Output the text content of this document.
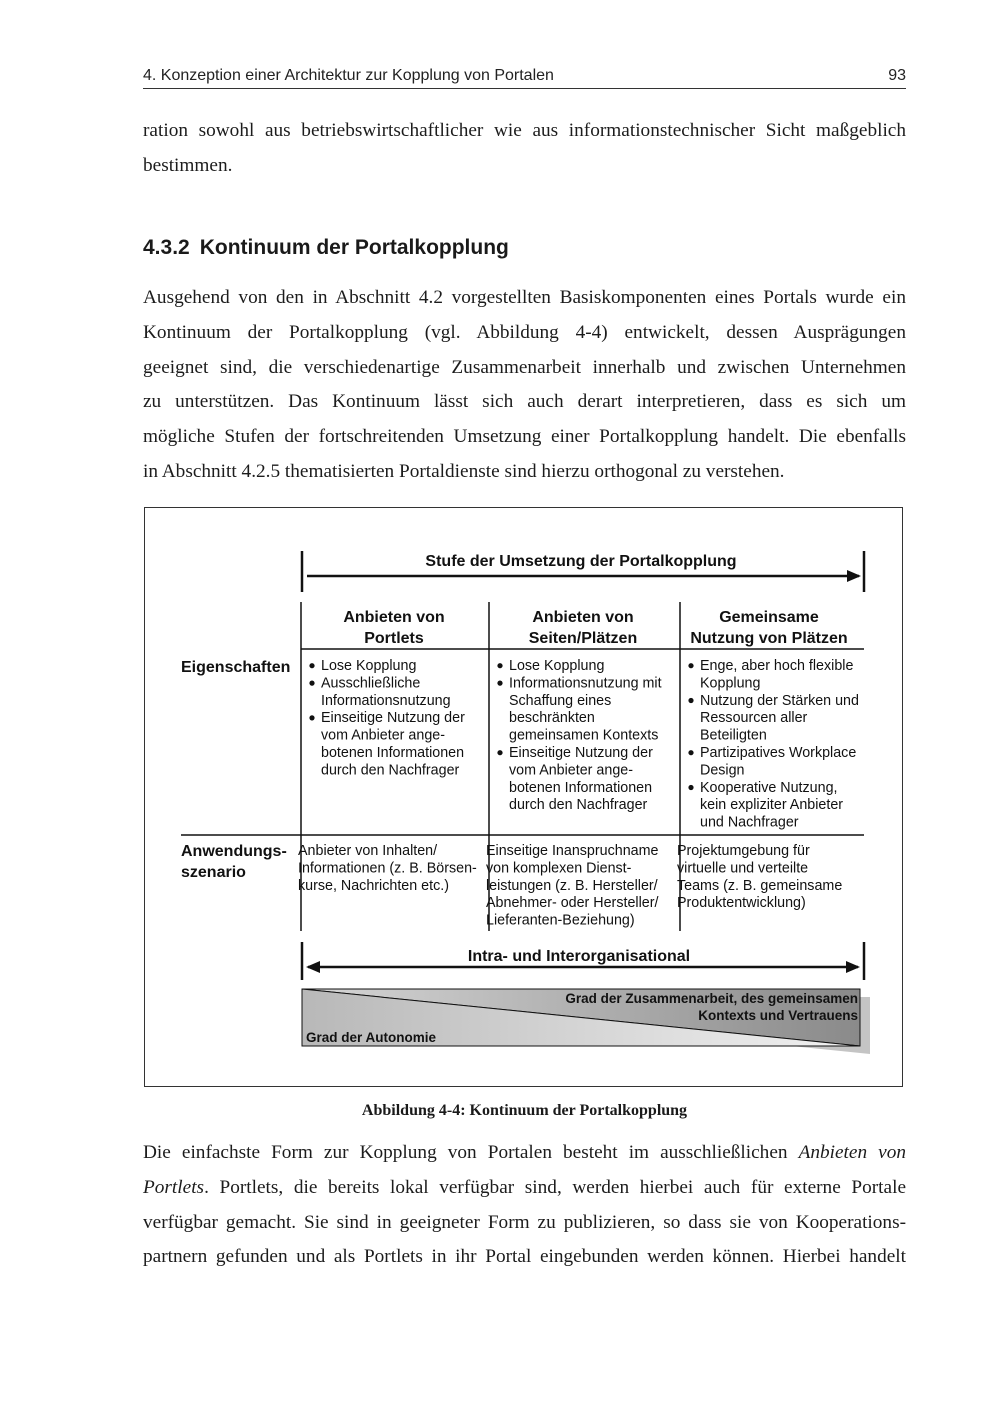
4. Konzeption einer Architektur zur Kopplung von Portalen	93
ration sowohl aus betriebswirtschaftlicher wie aus informationstechnischer Sicht maßgeblich
bestimmen.
4.3.2 Kontinuum der Portalkopplung
Ausgehend von den in Abschnitt 4.2 vorgestellten Basiskomponenten eines Portals wurde ein
Kontinuum der Portalkopplung (vgl. Abbildung 4-4) entwickelt, dessen Ausprägungen
geeignet sind, die verschiedenartige Zusammenarbeit innerhalb und zwischen Unternehmen
zu unterstützen. Das Kontinuum lässt sich auch derart interpretieren, dass es sich um
mögliche Stufen der fortschreitenden Umsetzung einer Portalkopplung handelt. Die ebenfalls
in Abschnitt 4.2.5 thematisierten Portaldienste sind hierzu orthogonal zu verstehen.
Stufe der Umsetzung der Portalkopplung
Anbieten von
Portlets
Anbieten von
Seiten/Plätzen
Gemeinsame
Nutzung von Plätzen
Eigenschaften
Anwendungs-
szenario
Lose Kopplung
Ausschließliche
Informationsnutzung
Einseitige Nutzung der
vom Anbieter ange-
botenen Informationen
durch den Nachfrager
Lose Kopplung
Informationsnutzung mit
Schaffung eines
beschränkten
gemeinsamen Kontexts
Einseitige Nutzung der
vom Anbieter ange-
botenen Informationen
durch den Nachfrager
Enge, aber hoch flexible
Kopplung
Nutzung der Stärken und
Ressourcen aller
Beteiligten
Partizipatives Workplace
Design
Kooperative Nutzung,
kein expliziter Anbieter
und Nachfrager
Anbieter von Inhalten/
Informationen (z. B. Börsen-
kurse, Nachrichten etc.)
Einseitige Inanspruchname
von komplexen Dienst-
leistungen (z. B. Hersteller/
Abnehmer- oder Hersteller/
Lieferanten-Beziehung)
Projektumgebung für
virtuelle und verteilte
Teams (z. B. gemeinsame
Produktentwicklung)
Intra- und Interorganisational
Grad der Zusammenarbeit, des gemeinsamen
Kontexts und Vertrauens
Grad der Autonomie
Abbildung 4-4: Kontinuum der Portalkopplung
Die einfachste Form zur Kopplung von Portalen besteht im ausschließlichen Anbieten von
Portlets. Portlets, die bereits lokal verfügbar sind, werden hierbei auch für externe Portale
verfügbar gemacht. Sie sind in geeigneter Form zu publizieren, so dass sie von Kooperations-
partnern gefunden und als Portlets in ihr Portal eingebunden werden können. Hierbei handelt
